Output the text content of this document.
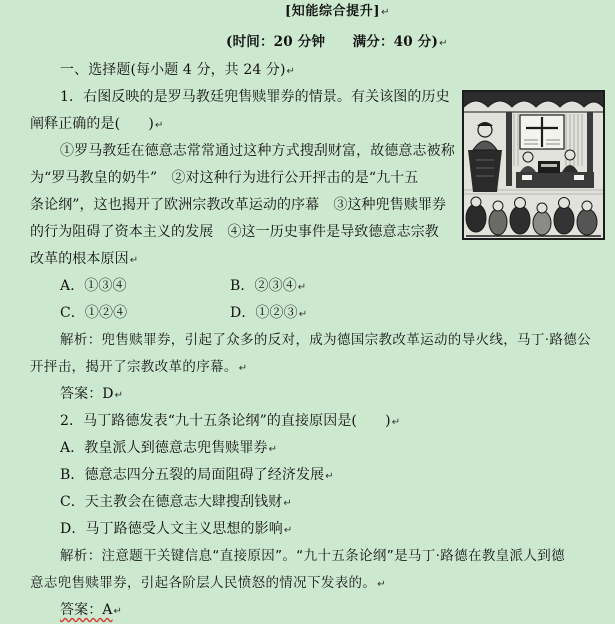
[知能综合提升]↵
(时间：20 分钟　　满分：40 分)↵
一、选择题(每小题 4 分，共 24 分)↵
1．右图反映的是罗马教廷兜售赎罪券的情景。有关该图的历史
阐释正确的是(　　)↵
①罗马教廷在德意志常常通过这种方式搜刮财富，故德意志被称
为“罗马教皇的奶牛”　②对这种行为进行公开抨击的是“九十五
条论纲”，这也揭开了欧洲宗教改革运动的序幕　③这种兜售赎罪券
的行为阻碍了资本主义的发展　④这一历史事件是导致德意志宗教
改革的根本原因↵
A．①③④	B．②③④↵
C．①②④	D．①②③↵
解析：兜售赎罪券，引起了众多的反对，成为德国宗教改革运动的导火线，马丁·路德公
开抨击，揭开了宗教改革的序幕。↵
答案：D↵
2．马丁路德发表“九十五条论纲”的直接原因是(　　)↵
A．教皇派人到德意志兜售赎罪券↵
B．德意志四分五裂的局面阻碍了经济发展↵
C．天主教会在德意志大肆搜刮钱财↵
D．马丁路德受人文主义思想的影响↵
解析：注意题干关键信息“直接原因”。“九十五条论纲”是马丁·路德在教皇派人到德
意志兜售赎罪券，引起各阶层人民愤怒的情况下发表的。↵
答案：A↵
